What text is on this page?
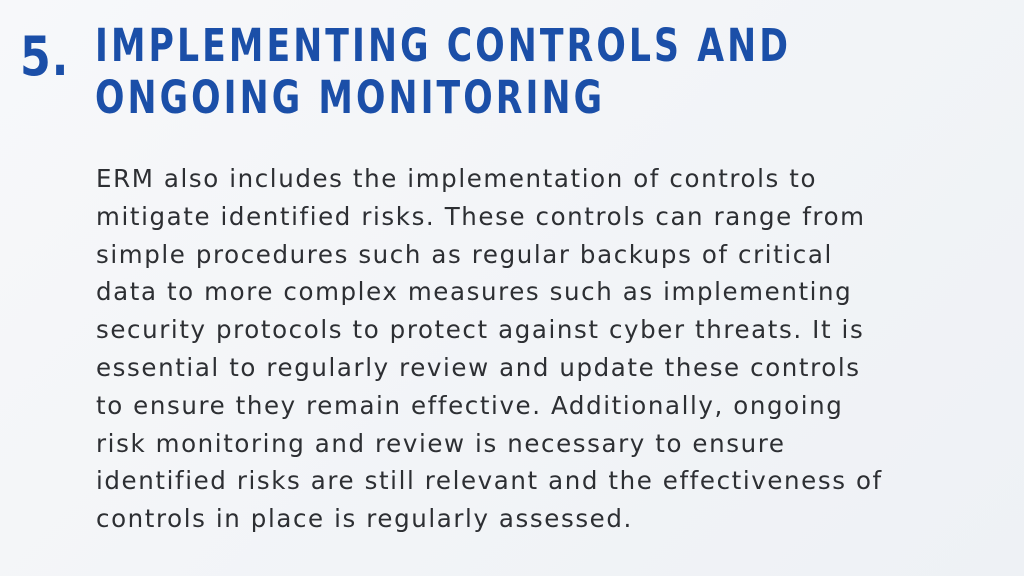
5. IMPLEMENTING CONTROLS AND
ONGOING MONITORING
ERM also includes the implementation of controls to
mitigate identified risks. These controls can range from
simple procedures such as regular backups of critical
data to more complex measures such as implementing
security protocols to protect against cyber threats. It is
essential to regularly review and update these controls
to ensure they remain effective. Additionally, ongoing
risk monitoring and review is necessary to ensure
identified risks are still relevant and the effectiveness of
controls in place is regularly assessed.
